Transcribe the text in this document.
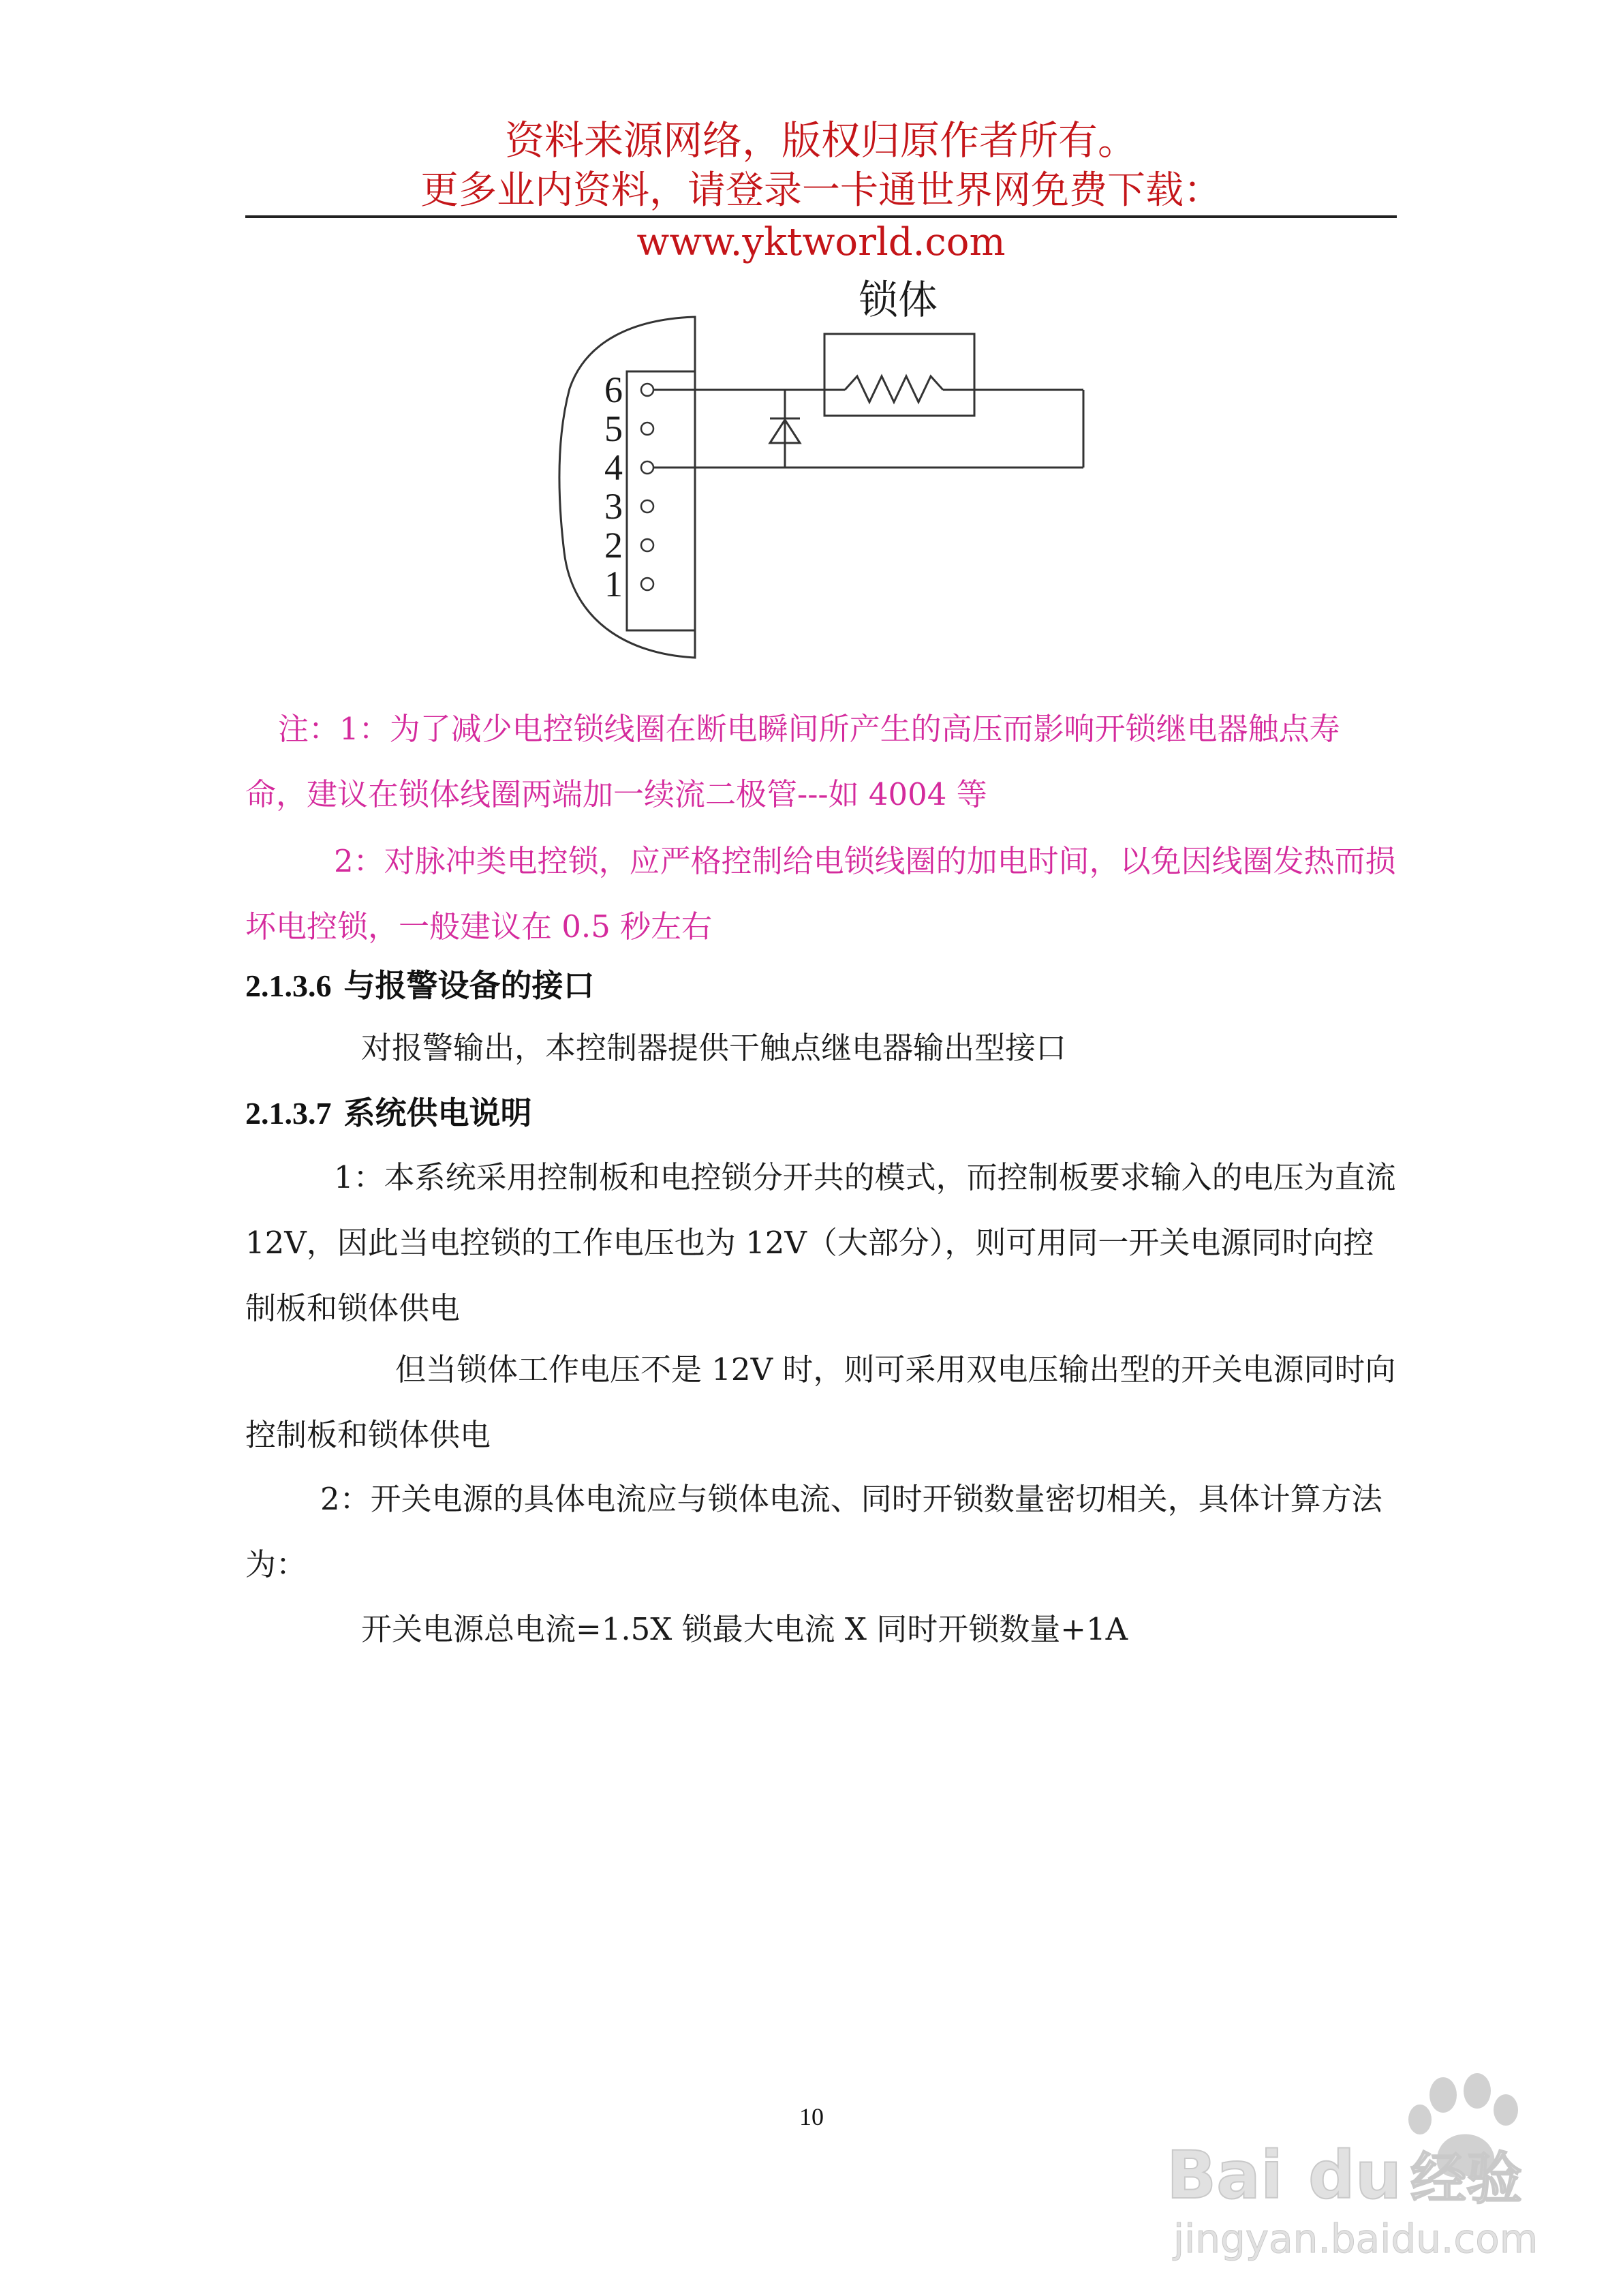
资料来源网络，版权归原作者所有。
更多业内资料，请登录一卡通世界网免费下载：www.yktworld.com
6
5
4
3
2
1
锁体
注：1：为了减少电控锁线圈在断电瞬间所产生的高压而影响开锁继电器触点寿命，建议在锁体线圈两端加一续流二极管---如 4004 等
2：对脉冲类电控锁，应严格控制给电锁线圈的加电时间，以免因线圈发热而损坏电控锁，一般建议在 0.5 秒左右
2.1.3.6 与报警设备的接口
对报警输出，本控制器提供干触点继电器输出型接口
2.1.3.7 系统供电说明
1：本系统采用控制板和电控锁分开共的模式，而控制板要求输入的电压为直流 12V，因此当电控锁的工作电压也为 12V（大部分），则可用同一开关电源同时向控制板和锁体供电
但当锁体工作电压不是 12V 时，则可采用双电压输出型的开关电源同时向控制板和锁体供电
2：开关电源的具体电流应与锁体电流、同时开锁数量密切相关，具体计算方法为：
开关电源总电流=1.5X 锁最大电流 X 同时开锁数量+1A
10
Bai du 经验
jingyan.baidu.com
